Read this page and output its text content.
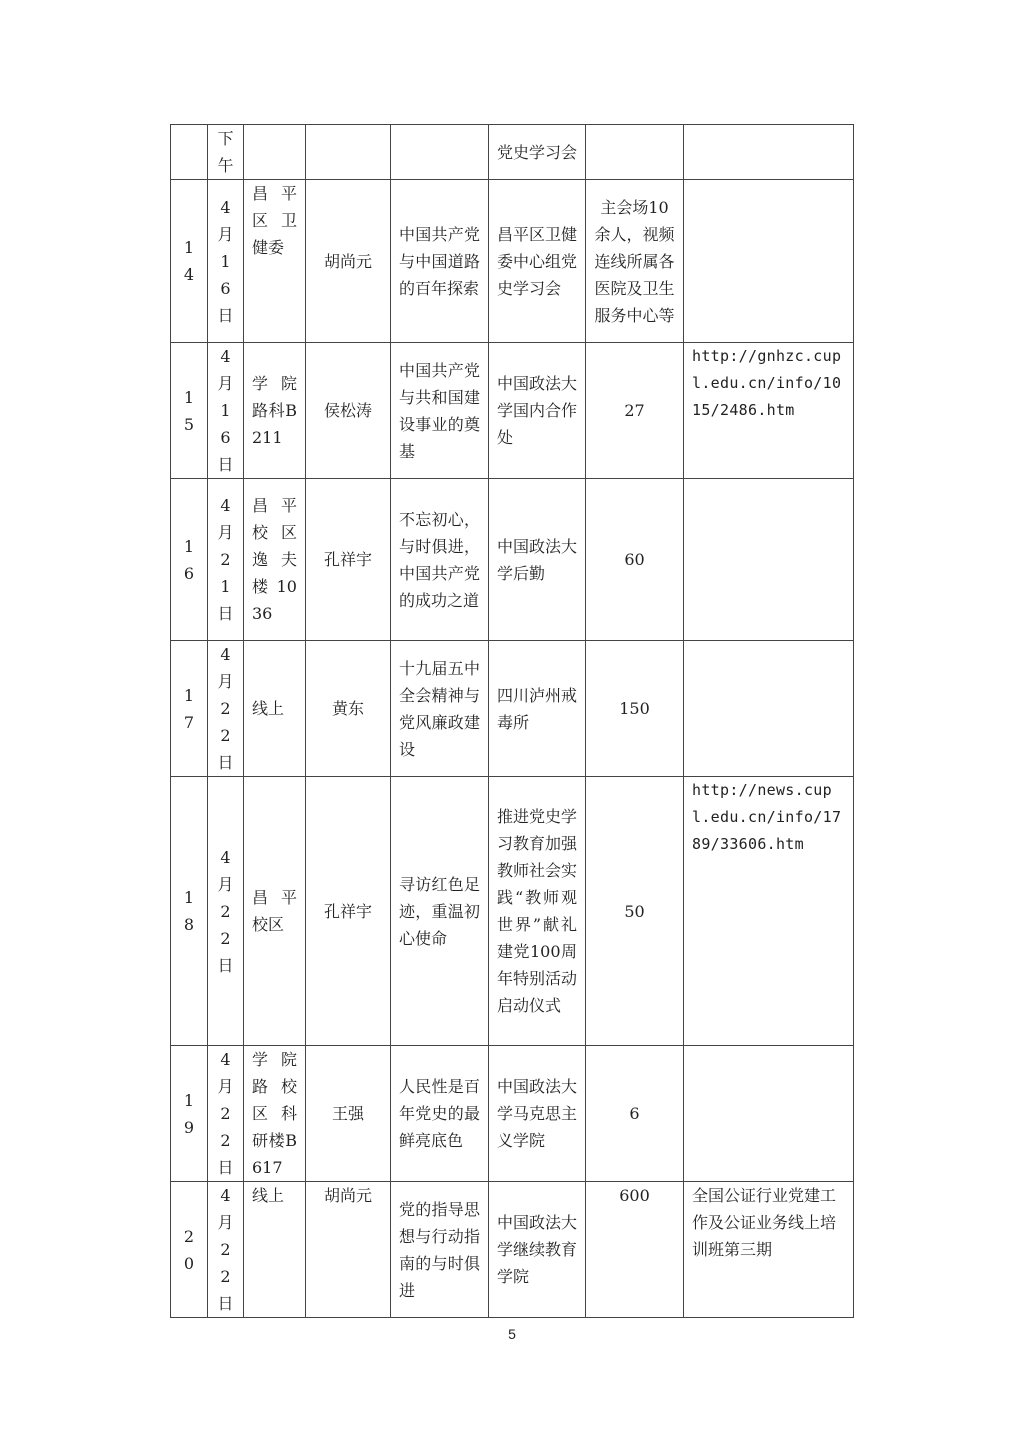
	下午				党史学习会		

14	4月16日	昌平区卫健委	胡尚元	中国共产党与中国道路的百年探索	昌平区卫健委中心组党史学习会	主会场10余人，视频连线所属各医院及卫生服务中心等	

15	4月16日	学院路科B211	侯松涛	中国共产党与共和国建设事业的奠基	中国政法大学国内合作处	27	http://gnhzc.cupl.edu.cn/info/1015/2486.htm

16	4月21日	昌平校区逸夫楼1036	孔祥宇	不忘初心，与时俱进，中国共产党的成功之道	中国政法大学后勤	60	

17	4月22日	线上	黄东	十九届五中全会精神与党风廉政建设	四川泸州戒毒所	150	

18	4月22日	昌平校区	孔祥宇	寻访红色足迹，重温初心使命	推进党史学习教育加强教师社会实践“教师观世界”献礼建党100周年特别活动启动仪式	50	http://news.cupl.edu.cn/info/1789/33606.htm

19	4月22日	学院路校区科研楼B617	王强	人民性是百年党史的最鲜亮底色	中国政法大学马克思主义学院	6	

20	4月22日	线上	胡尚元	党的指导思想与行动指南的与时俱进	中国政法大学继续教育学院	600	全国公证行业党建工作及公证业务线上培训班第三期
5
